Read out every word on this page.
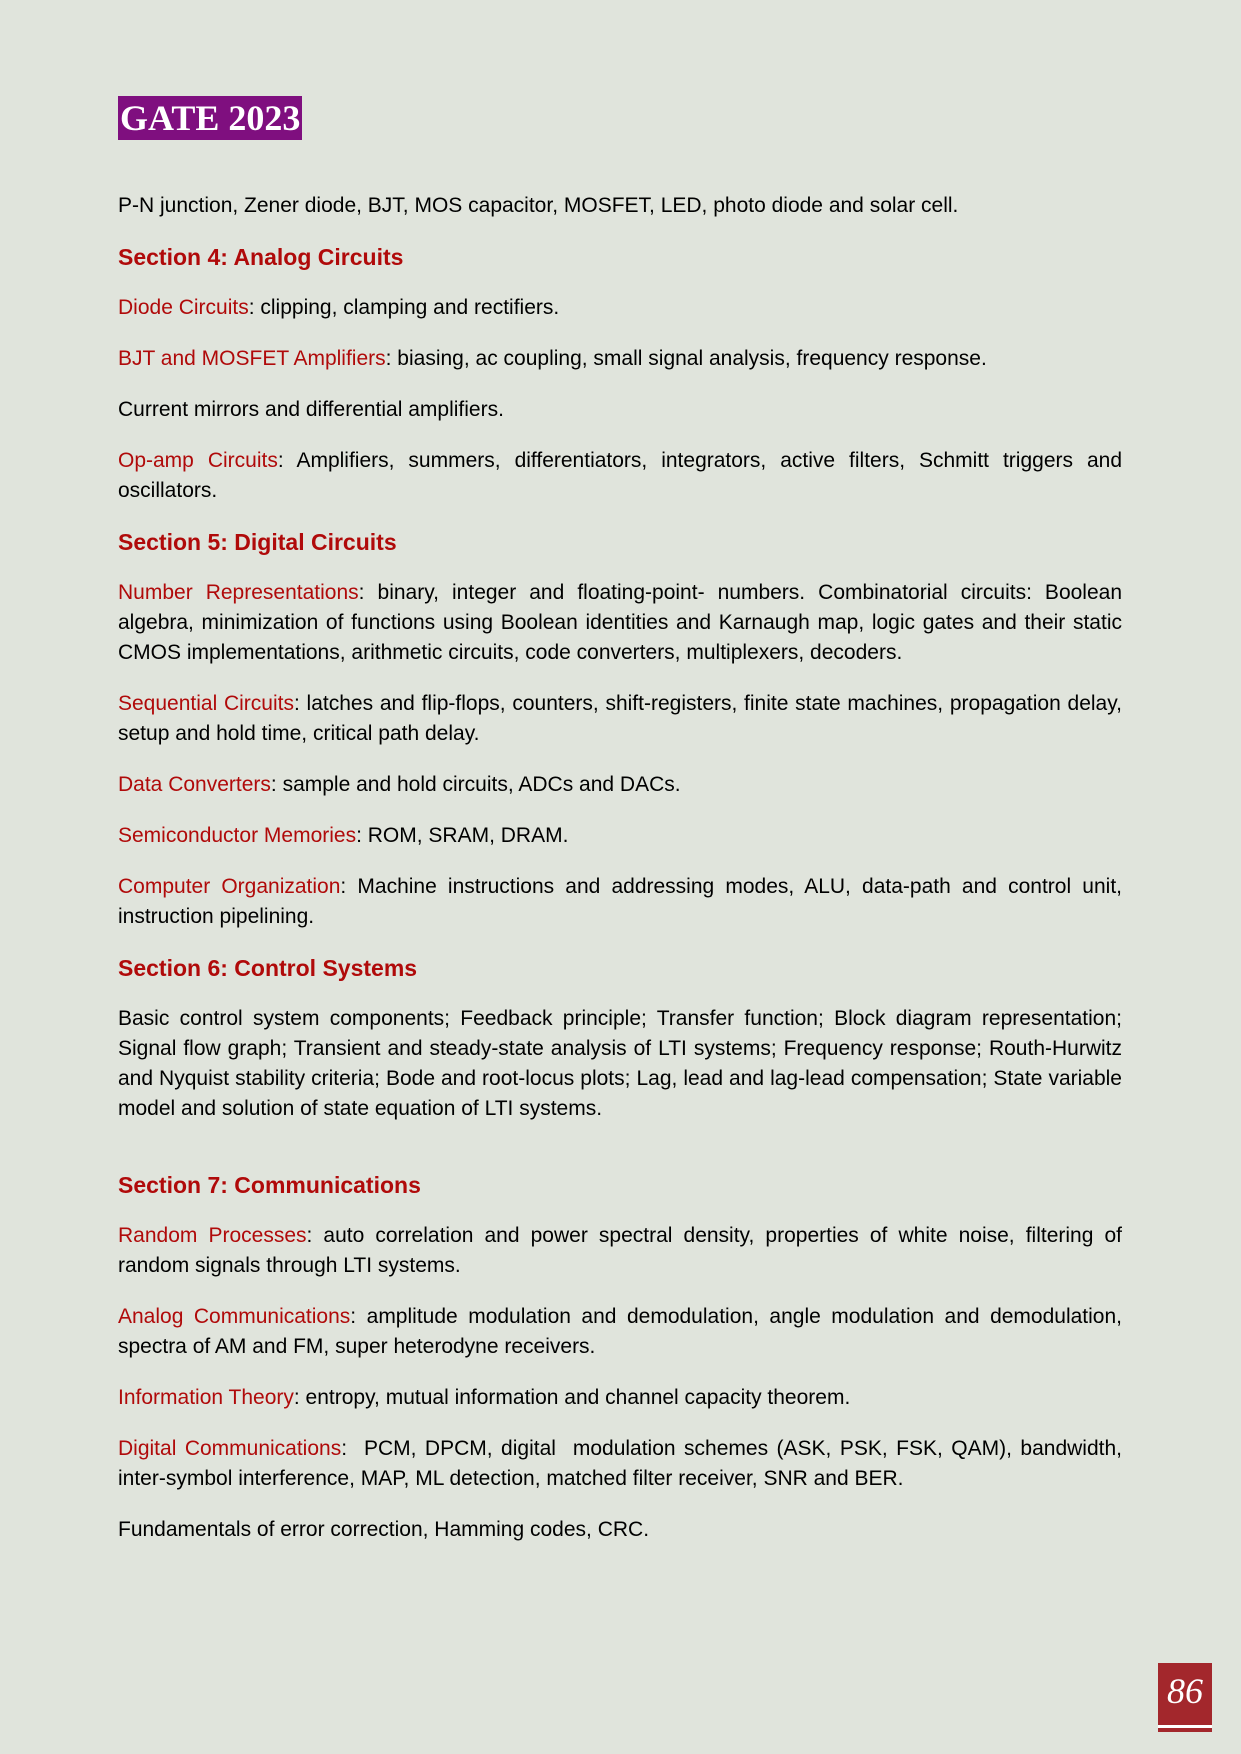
GATE 2023

P-N junction, Zener diode, BJT, MOS capacitor, MOSFET, LED, photo diode and solar cell.

Section 4: Analog Circuits

Diode Circuits: clipping, clamping and rectifiers.

BJT and MOSFET Amplifiers: biasing, ac coupling, small signal analysis, frequency response.

Current mirrors and differential amplifiers.

Op-amp Circuits: Amplifiers, summers, differentiators, integrators, active filters, Schmitt triggers and oscillators.

Section 5: Digital Circuits

Number Representations: binary, integer and floating-point- numbers. Combinatorial circuits: Boolean algebra, minimization of functions using Boolean identities and Karnaugh map, logic gates and their static CMOS implementations, arithmetic circuits, code converters, multiplexers, decoders.

Sequential Circuits: latches and flip-flops, counters, shift-registers, finite state machines, propagation delay, setup and hold time, critical path delay.

Data Converters: sample and hold circuits, ADCs and DACs.

Semiconductor Memories: ROM, SRAM, DRAM.

Computer Organization: Machine instructions and addressing modes, ALU, data-path and control unit, instruction pipelining.

Section 6: Control Systems

Basic control system components; Feedback principle; Transfer function; Block diagram representation; Signal flow graph; Transient and steady-state analysis of LTI systems; Frequency response; Routh-Hurwitz and Nyquist stability criteria; Bode and root-locus plots; Lag, lead and lag-lead compensation; State variable model and solution of state equation of LTI systems.

Section 7: Communications

Random Processes: auto correlation and power spectral density, properties of white noise, filtering of random signals through LTI systems.

Analog Communications: amplitude modulation and demodulation, angle modulation and demodulation, spectra of AM and FM, super heterodyne receivers.

Information Theory: entropy, mutual information and channel capacity theorem.

Digital Communications:  PCM, DPCM, digital  modulation schemes (ASK, PSK, FSK, QAM), bandwidth, inter-symbol interference, MAP, ML detection, matched filter receiver, SNR and BER.

Fundamentals of error correction, Hamming codes, CRC.

86
